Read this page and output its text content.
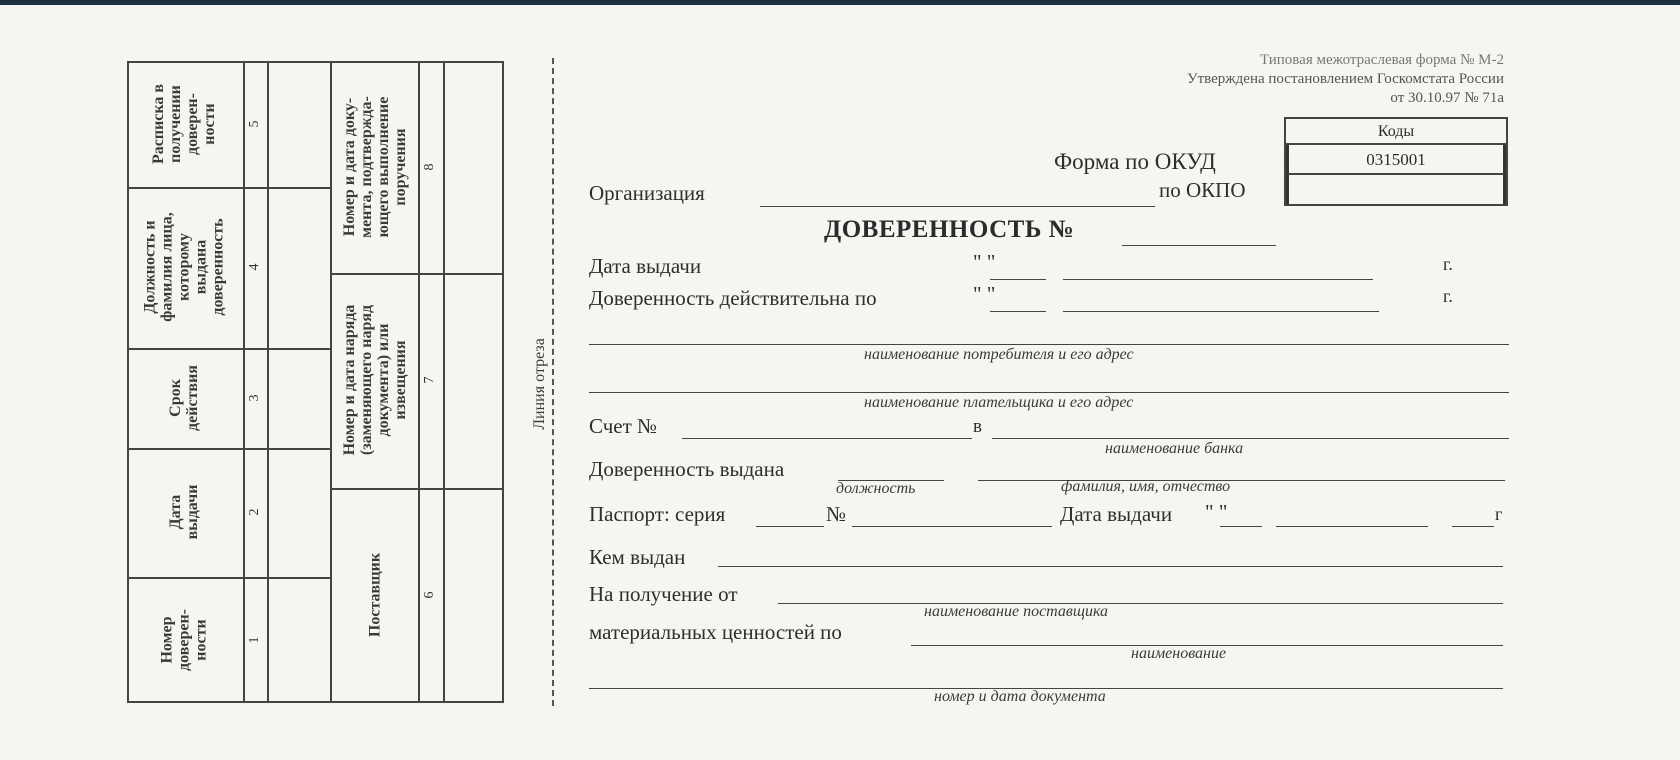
Номер
доверен-
ности	1
Дата
выдачи	2
Срок
действия	3
Должность и
фамилия лица,
которому
выдана
доверенность 4
Расписка в
получении
доверен-
ности 5
Поставщик	6
Номер и дата наряда
(заменяющего наряд
документа) или
извещения 7
Номер и дата доку-
мента, подтвержда-
ющего выполнение
поручения 8
Линия отреза
Типовая межотраслевая форма № М-2
Утверждена постановлением Госкомстата России
от 30.10.97 № 71а
Коды
0315001
Форма по ОКУД
по ОКПО
Организация
ДОВЕРЕННОСТЬ №
Дата выдачи	" "	г.
Доверенность действительна по	" "	г.
наименование потребителя и его адрес
наименование плательщика и его адрес
Счет №	в
наименование банка
Доверенность выдана
должность	фамилия, имя, отчество
Паспорт: серия	№	Дата выдачи " "	г
Кем выдан
На получение от
наименование поставщика
материальных ценностей по
наименование
номер и дата документа
